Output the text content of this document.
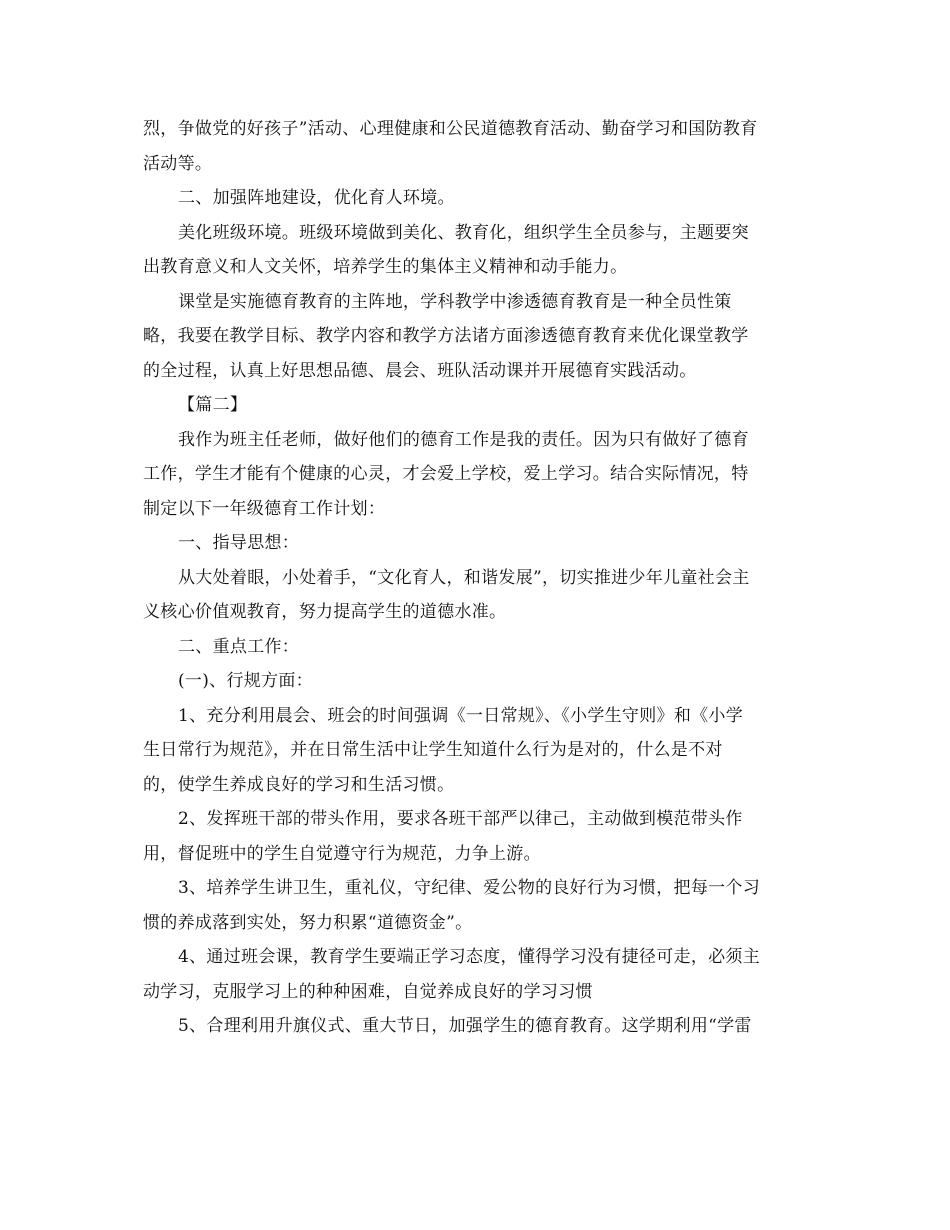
烈，争做党的好孩子”活动、心理健康和公民道德教育活动、勤奋学习和国防教育
活动等。

二、加强阵地建设，优化育人环境。

美化班级环境。班级环境做到美化、教育化，组织学生全员参与，主题要突
出教育意义和人文关怀，培养学生的集体主义精神和动手能力。

课堂是实施德育教育的主阵地，学科教学中渗透德育教育是一种全员性策
略，我要在教学目标、教学内容和教学方法诸方面渗透德育教育来优化课堂教学
的全过程，认真上好思想品德、晨会、班队活动课并开展德育实践活动。

【篇二】

我作为班主任老师，做好他们的德育工作是我的责任。因为只有做好了德育
工作，学生才能有个健康的心灵，才会爱上学校，爱上学习。结合实际情况，特
制定以下一年级德育工作计划：

一、指导思想：

从大处着眼，小处着手，“文化育人，和谐发展”，切实推进少年儿童社会主
义核心价值观教育，努力提高学生的道德水准。

二、重点工作：

(一)、行规方面：

1、充分利用晨会、班会的时间强调《一日常规》、《小学生守则》和《小学
生日常行为规范》，并在日常生活中让学生知道什么行为是对的，什么是不对
的，使学生养成良好的学习和生活习惯。

2、发挥班干部的带头作用，要求各班干部严以律己，主动做到模范带头作
用，督促班中的学生自觉遵守行为规范，力争上游。

3、培养学生讲卫生，重礼仪，守纪律、爱公物的良好行为习惯，把每一个习
惯的养成落到实处，努力积累“道德资金”。

4、通过班会课，教育学生要端正学习态度，懂得学习没有捷径可走，必须主
动学习，克服学习上的种种困难，自觉养成良好的学习习惯

5、合理利用升旗仪式、重大节日，加强学生的德育教育。这学期利用“学雷
